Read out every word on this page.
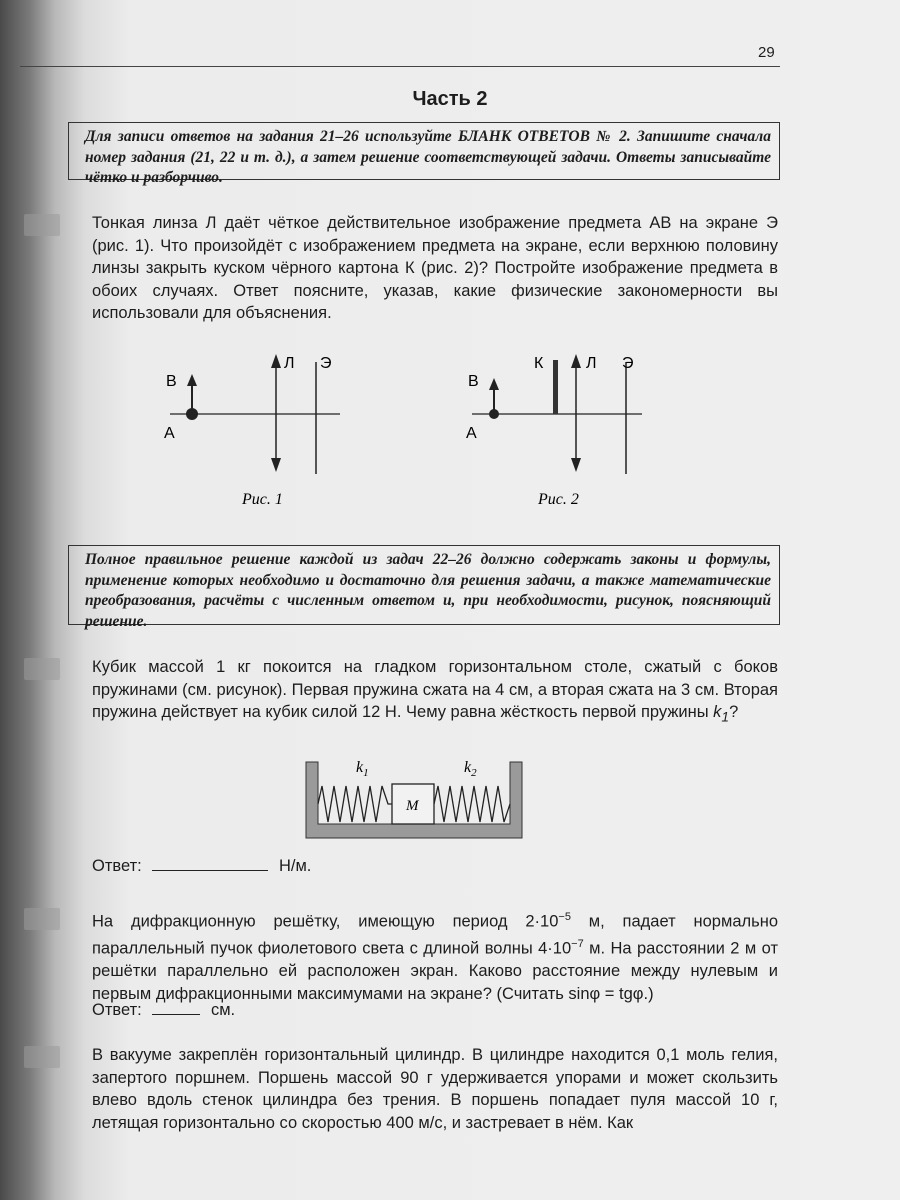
29
Часть 2
Для записи ответов на задания 21–26 используйте БЛАНК ОТВЕТОВ № 2. Запишите сначала номер задания (21, 22 и т. д.), а затем решение соответствующей задачи. Ответы записывайте чётко и разборчиво.

Тонкая линза Л даёт чёткое действительное изображение предмета АВ на экране Э (рис. 1). Что произойдёт с изображением предмета на экране, если верхнюю половину линзы закрыть куском чёрного картона К (рис. 2)? Постройте изображение предмета в обоих случаях. Ответ поясните, указав, какие физические закономерности вы использовали для объяснения.

B
A
Л Э
Рис. 1
B
A
К	Л Э
Рис. 2
Полное правильное решение каждой из задач 22–26 должно содержать законы и формулы, применение которых необходимо и достаточно для решения задачи, а также математические преобразования, расчёты с численным ответом и, при необходимости, рисунок, поясняющий решение.

Кубик массой 1 кг покоится на гладком горизонтальном столе, сжатый с боков пружинами (см. рисунок). Первая пружина сжата на 4 см, а вторая сжата на 3 см. Вторая пружина действует на кубик силой 12 Н. Чему равна жёсткость первой пружины $k_1$?

M
$k_1$	$k_2$
Ответ:	Н/м.

На дифракционную решётку, имеющую период $2\cdot 10^{-5}$ м, падает нормально параллельный пучок фиолетового света с длиной волны $4\cdot 10^{-7}$ м. На расстоянии 2 м от решётки параллельно ей расположен экран. Каково расстояние между нулевым и первым дифракционными максимумами на экране? (Считать sinφ = tgφ.)

Ответ:	см.

В вакууме закреплён горизонтальный цилиндр. В цилиндре находится 0,1 моль гелия, запертого поршнем. Поршень массой 90 г удерживается упорами и может скользить влево вдоль стенок цилиндра без трения. В поршень попадает пуля массой 10 г, летящая горизонтально со скоростью 400 м/с, и застревает в нём. Как
